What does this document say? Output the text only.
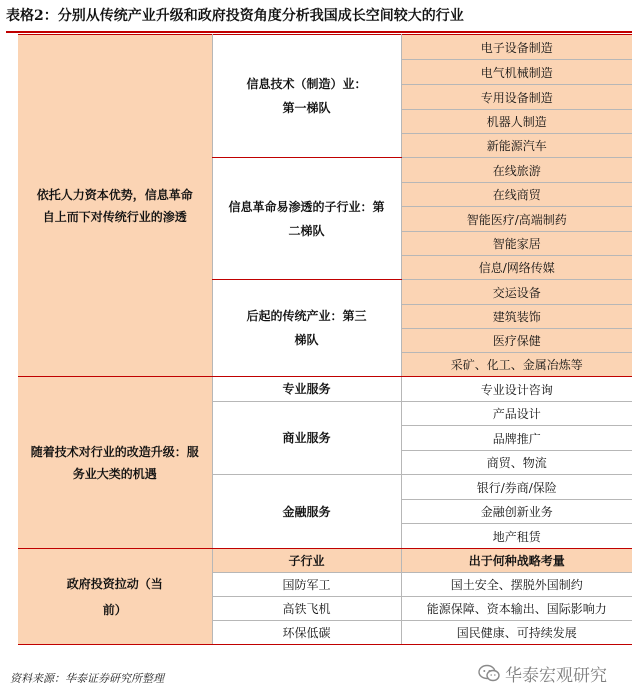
表格2：分别从传统产业升级和政府投资角度分析我国成长空间较大的行业
依托人力资本优势，信息革命自上而下对传统行业的渗透	信息技术（制造）业：第一梯队	电子设备制造
		电气机械制造
		专用设备制造
		机器人制造
		新能源汽车

	信息革命易渗透的子行业：第二梯队	在线旅游
		在线商贸
		智能医疗/高端制药
		智能家居
		信息/网络传媒

	后起的传统产业：第三梯队	交运设备
		建筑装饰
		医疗保健
		采矿、化工、金属冶炼等

随着技术对行业的改造升级：服务业大类的机遇	专业服务	专业设计咨询
	商业服务	产品设计
		品牌推广
		商贸、物流
	金融服务	银行/券商/保险
		金融创新业务
		地产租赁

政府投资拉动（当前）	子行业	出于何种战略考量
	国防军工	国土安全、摆脱外国制约
	高铁飞机	能源保障、资本输出、国际影响力
	环保低碳	国民健康、可持续发展
资料来源：华泰证券研究所整理	华泰宏观研究
